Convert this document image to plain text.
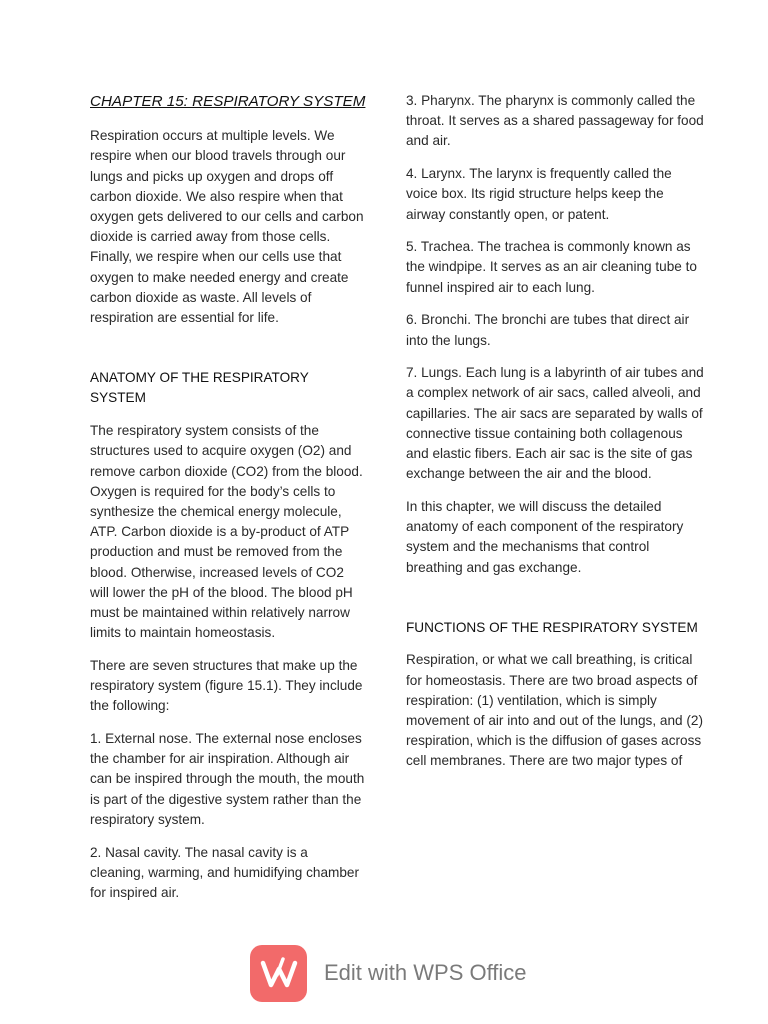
CHAPTER 15: RESPIRATORY SYSTEM

Respiration occurs at multiple levels. We respire when our blood travels through our lungs and picks up oxygen and drops off carbon dioxide. We also respire when that oxygen gets delivered to our cells and carbon dioxide is carried away from those cells. Finally, we respire when our cells use that oxygen to make needed energy and create carbon dioxide as waste. All levels of respiration are essential for life.

ANATOMY OF THE RESPIRATORY SYSTEM

The respiratory system consists of the structures used to acquire oxygen (O2) and remove carbon dioxide (CO2) from the blood. Oxygen is required for the body’s cells to synthesize the chemical energy molecule, ATP. Carbon dioxide is a by-product of ATP production and must be removed from the blood. Otherwise, increased levels of CO2 will lower the pH of the blood. The blood pH must be maintained within relatively narrow limits to maintain homeostasis.

There are seven structures that make up the respiratory system (figure 15.1). They include the following:

1. External nose. The external nose encloses the chamber for air inspiration. Although air can be inspired through the mouth, the mouth is part of the digestive system rather than the respiratory system.

2. Nasal cavity. The nasal cavity is a cleaning, warming, and humidifying chamber for inspired air.

3. Pharynx. The pharynx is commonly called the throat. It serves as a shared passageway for food and air.

4. Larynx. The larynx is frequently called the voice box. Its rigid structure helps keep the airway constantly open, or patent.

5. Trachea. The trachea is commonly known as the windpipe. It serves as an air cleaning tube to funnel inspired air to each lung.

6. Bronchi. The bronchi are tubes that direct air into the lungs.

7. Lungs. Each lung is a labyrinth of air tubes and a complex network of air sacs, called alveoli, and capillaries. The air sacs are separated by walls of connective tissue containing both collagenous and elastic fibers. Each air sac is the site of gas exchange between the air and the blood.

In this chapter, we will discuss the detailed anatomy of each component of the respiratory system and the mechanisms that control breathing and gas exchange.

FUNCTIONS OF THE RESPIRATORY SYSTEM

Respiration, or what we call breathing, is critical for homeostasis. There are two broad aspects of respiration: (1) ventilation, which is simply movement of air into and out of the lungs, and (2) respiration, which is the diffusion of gases across cell membranes. There are two major types of

Edit with WPS Office
